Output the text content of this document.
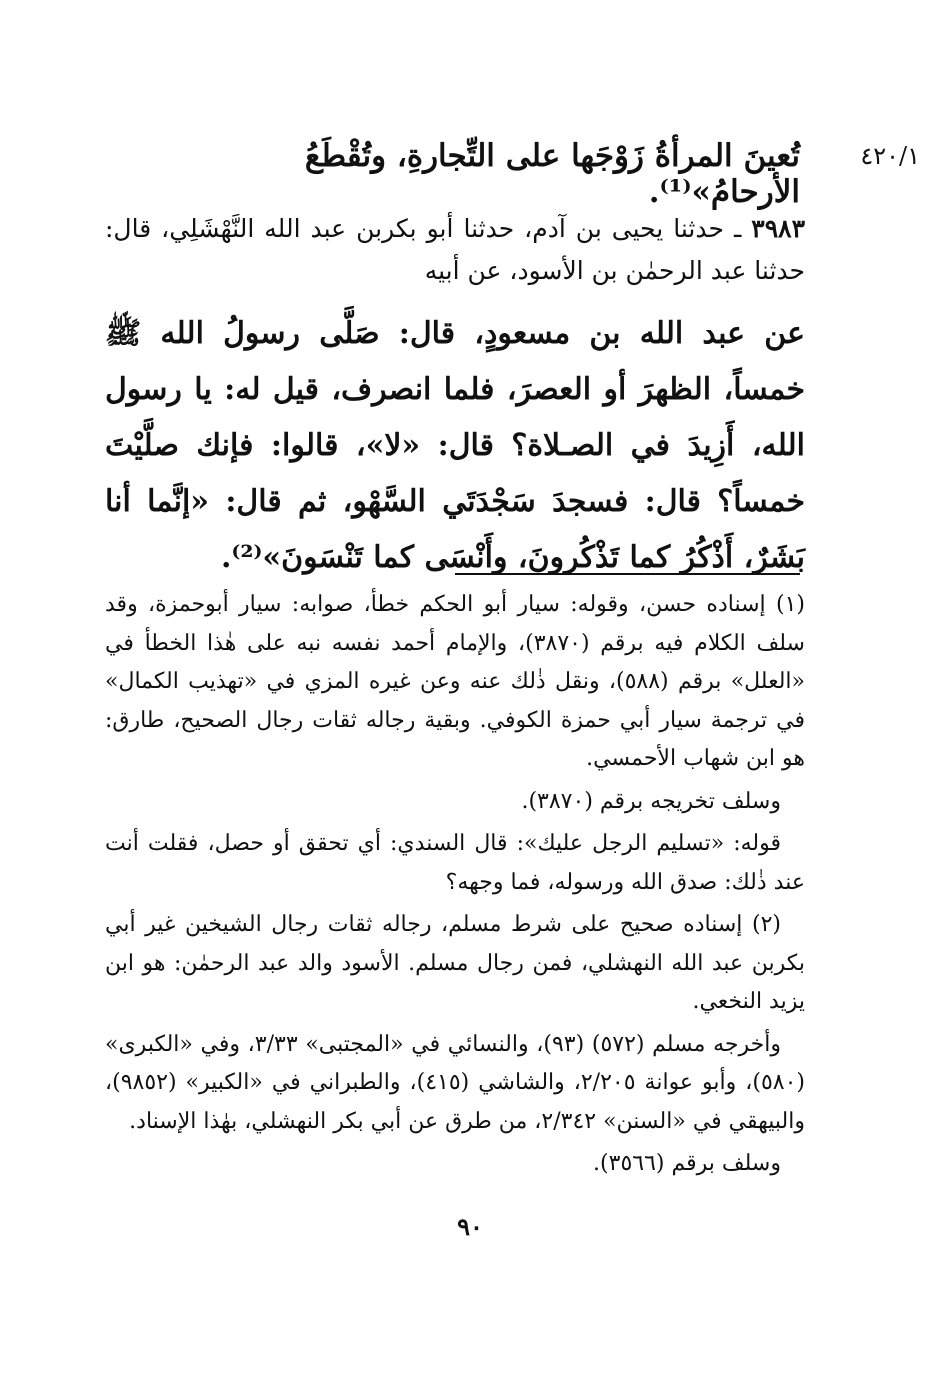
٤٢٠/١
تُعينَ المرأةُ زَوْجَها على التِّجارةِ، وتُقْطَعُ الأرحامُ»⁽¹⁾.
٣٩٨٣ ـ حدثنا يحيى بن آدم، حدثنا أبو بكربن عبد الله النَّهْشَلِي، قال: حدثنا عبد الرحمٰن بن الأسود، عن أبيه
عن عبد الله بن مسعودٍ، قال: صَلَّى رسولُ الله ﷺ خمساً، الظهرَ أو العصرَ، فلما انصرف، قيل له: يا رسول الله، أَزِيدَ في الصـلاة؟ قال: «لا»، قالوا: فإنك صلَّيْتَ خمساً؟ قال: فسجدَ سَجْدَتَي السَّهْو، ثم قال: «إنَّما أنا بَشَرٌ، أَذْكُرُ كما تَذْكُرونَ، وأَنْسَى كما تَنْسَونَ»⁽²⁾.

(١) إسناده حسن، وقوله: سيار أبو الحكم خطأ، صوابه: سيار أبوحمزة، وقد سلف الكلام فيه برقم (٣٨٧٠)، والإمام أحمد نفسه نبه على هٰذا الخطأ في «العلل» برقم (٥٨٨)، ونقل ذٰلك عنه وعن غيره المزي في «تهذيب الكمال» في ترجمة سيار أبي حمزة الكوفي. وبقية رجاله ثقات رجال الصحيح، طارق: هو ابن شهاب الأحمسي.

وسلف تخريجه برقم (٣٨٧٠).

قوله: «تسليم الرجل عليك»: قال السندي: أي تحقق أو حصل، فقلت أنت عند ذٰلك: صدق الله ورسوله، فما وجهه؟

(٢) إسناده صحيح على شرط مسلم، رجاله ثقات رجال الشيخين غير أبي بكربن عبد الله النهشلي، فمن رجال مسلم. الأسود والد عبد الرحمٰن: هو ابن يزيد النخعي.

وأخرجه مسلم (٥٧٢) (٩٣)، والنسائي في «المجتبى» ٣/٣٣، وفي «الكبرى» (٥٨٠)، وأبو عوانة ٢/٢٠٥، والشاشي (٤١٥)، والطبراني في «الكبير» (٩٨٥٢)، والبيهقي في «السنن» ٢/٣٤٢، من طرق عن أبي بكر النهشلي، بهٰذا الإسناد.

وسلف برقم (٣٥٦٦).

٩٠
